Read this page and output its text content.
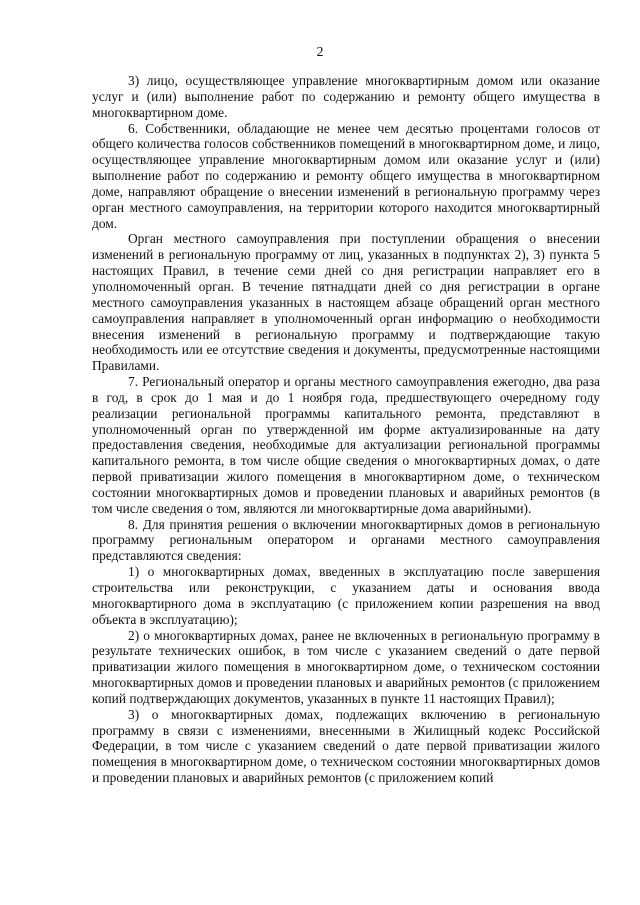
2

3) лицо, осуществляющее управление многоквартирным домом или оказание услуг и (или) выполнение работ по содержанию и ремонту общего имущества в многоквартирном доме.

6. Собственники, обладающие не менее чем десятью процентами голосов от общего количества голосов собственников помещений в многоквартирном доме, и лицо, осуществляющее управление многоквартирным домом или оказание услуг и (или) выполнение работ по содержанию и ремонту общего имущества в многоквартирном доме, направляют обращение о внесении изменений в региональную программу через орган местного самоуправления, на территории которого находится многоквартирный дом.

Орган местного самоуправления при поступлении обращения о внесении изменений в региональную программу от лиц, указанных в подпунктах 2), 3) пункта 5 настоящих Правил, в течение семи дней со дня регистрации направляет его в уполномоченный орган. В течение пятнадцати дней со дня регистрации в органе местного самоуправления указанных в настоящем абзаце обращений орган местного самоуправления направляет в уполномоченный орган информацию о необходимости внесения изменений в региональную программу и подтверждающие такую необходимость или ее отсутствие сведения и документы, предусмотренные настоящими Правилами.

7. Региональный оператор и органы местного самоуправления ежегодно, два раза в год, в срок до 1 мая и до 1 ноября года, предшествующего очередному году реализации региональной программы капитального ремонта, представляют в уполномоченный орган по утвержденной им форме актуализированные на дату предоставления сведения, необходимые для актуализации региональной программы капитального ремонта, в том числе общие сведения о многоквартирных домах, о дате первой приватизации жилого помещения в многоквартирном доме, о техническом состоянии многоквартирных домов и проведении плановых и аварийных ремонтов (в том числе сведения о том, являются ли многоквартирные дома аварийными).

8. Для принятия решения о включении многоквартирных домов в региональную программу региональным оператором и органами местного самоуправления представляются сведения:

1) о многоквартирных домах, введенных в эксплуатацию после завершения строительства или реконструкции, с указанием даты и основания ввода многоквартирного дома в эксплуатацию (с приложением копии разрешения на ввод объекта в эксплуатацию);

2) о многоквартирных домах, ранее не включенных в региональную программу в результате технических ошибок, в том числе с указанием сведений о дате первой приватизации жилого помещения в многоквартирном доме, о техническом состоянии многоквартирных домов и проведении плановых и аварийных ремонтов (с приложением копий подтверждающих документов, указанных в пункте 11 настоящих Правил);

3) о многоквартирных домах, подлежащих включению в региональную программу в связи с изменениями, внесенными в Жилищный кодекс Российской Федерации, в том числе с указанием сведений о дате первой приватизации жилого помещения в многоквартирном доме, о техническом состоянии многоквартирных домов и проведении плановых и аварийных ремонтов (с приложением копий
